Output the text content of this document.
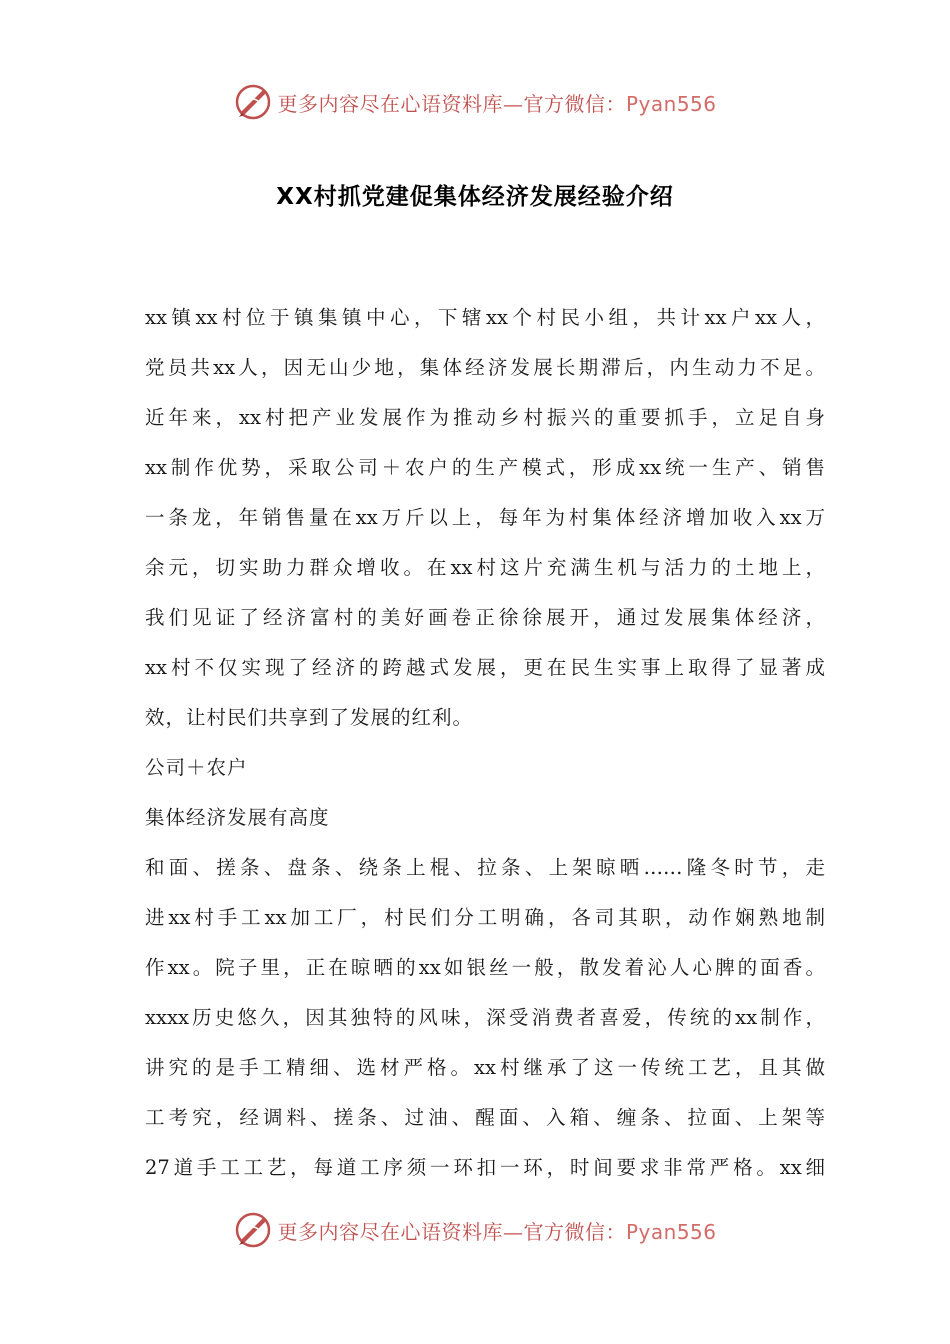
更多内容尽在心语资料库—官方微信：Pyan556
XX村抓党建促集体经济发展经验介绍

xx镇xx村位于镇集镇中心，下辖xx个村民小组，共计xx户xx人，

党员共xx人，因无山少地，集体经济发展长期滞后，内生动力不足。

近年来，xx村把产业发展作为推动乡村振兴的重要抓手，立足自身

xx制作优势，采取公司＋农户的生产模式，形成xx统一生产、销售

一条龙，年销售量在xx万斤以上，每年为村集体经济增加收入xx万

余元，切实助力群众增收。在xx村这片充满生机与活力的土地上，

我们见证了经济富村的美好画卷正徐徐展开，通过发展集体经济，

xx村不仅实现了经济的跨越式发展，更在民生实事上取得了显著成

效，让村民们共享到了发展的红利。

公司＋农户

集体经济发展有高度

和面、搓条、盘条、绕条上棍、拉条、上架晾晒……隆冬时节，走

进xx村手工xx加工厂，村民们分工明确，各司其职，动作娴熟地制

作xx。院子里，正在晾晒的xx如银丝一般，散发着沁人心脾的面香。

xxxx历史悠久，因其独特的风味，深受消费者喜爱，传统的xx制作，

讲究的是手工精细、选材严格。xx村继承了这一传统工艺，且其做

工考究，经调料、搓条、过油、醒面、入箱、缠条、拉面、上架等

27道手工工艺，每道工序须一环扣一环，时间要求非常严格。xx细

更多内容尽在心语资料库—官方微信：Pyan556
